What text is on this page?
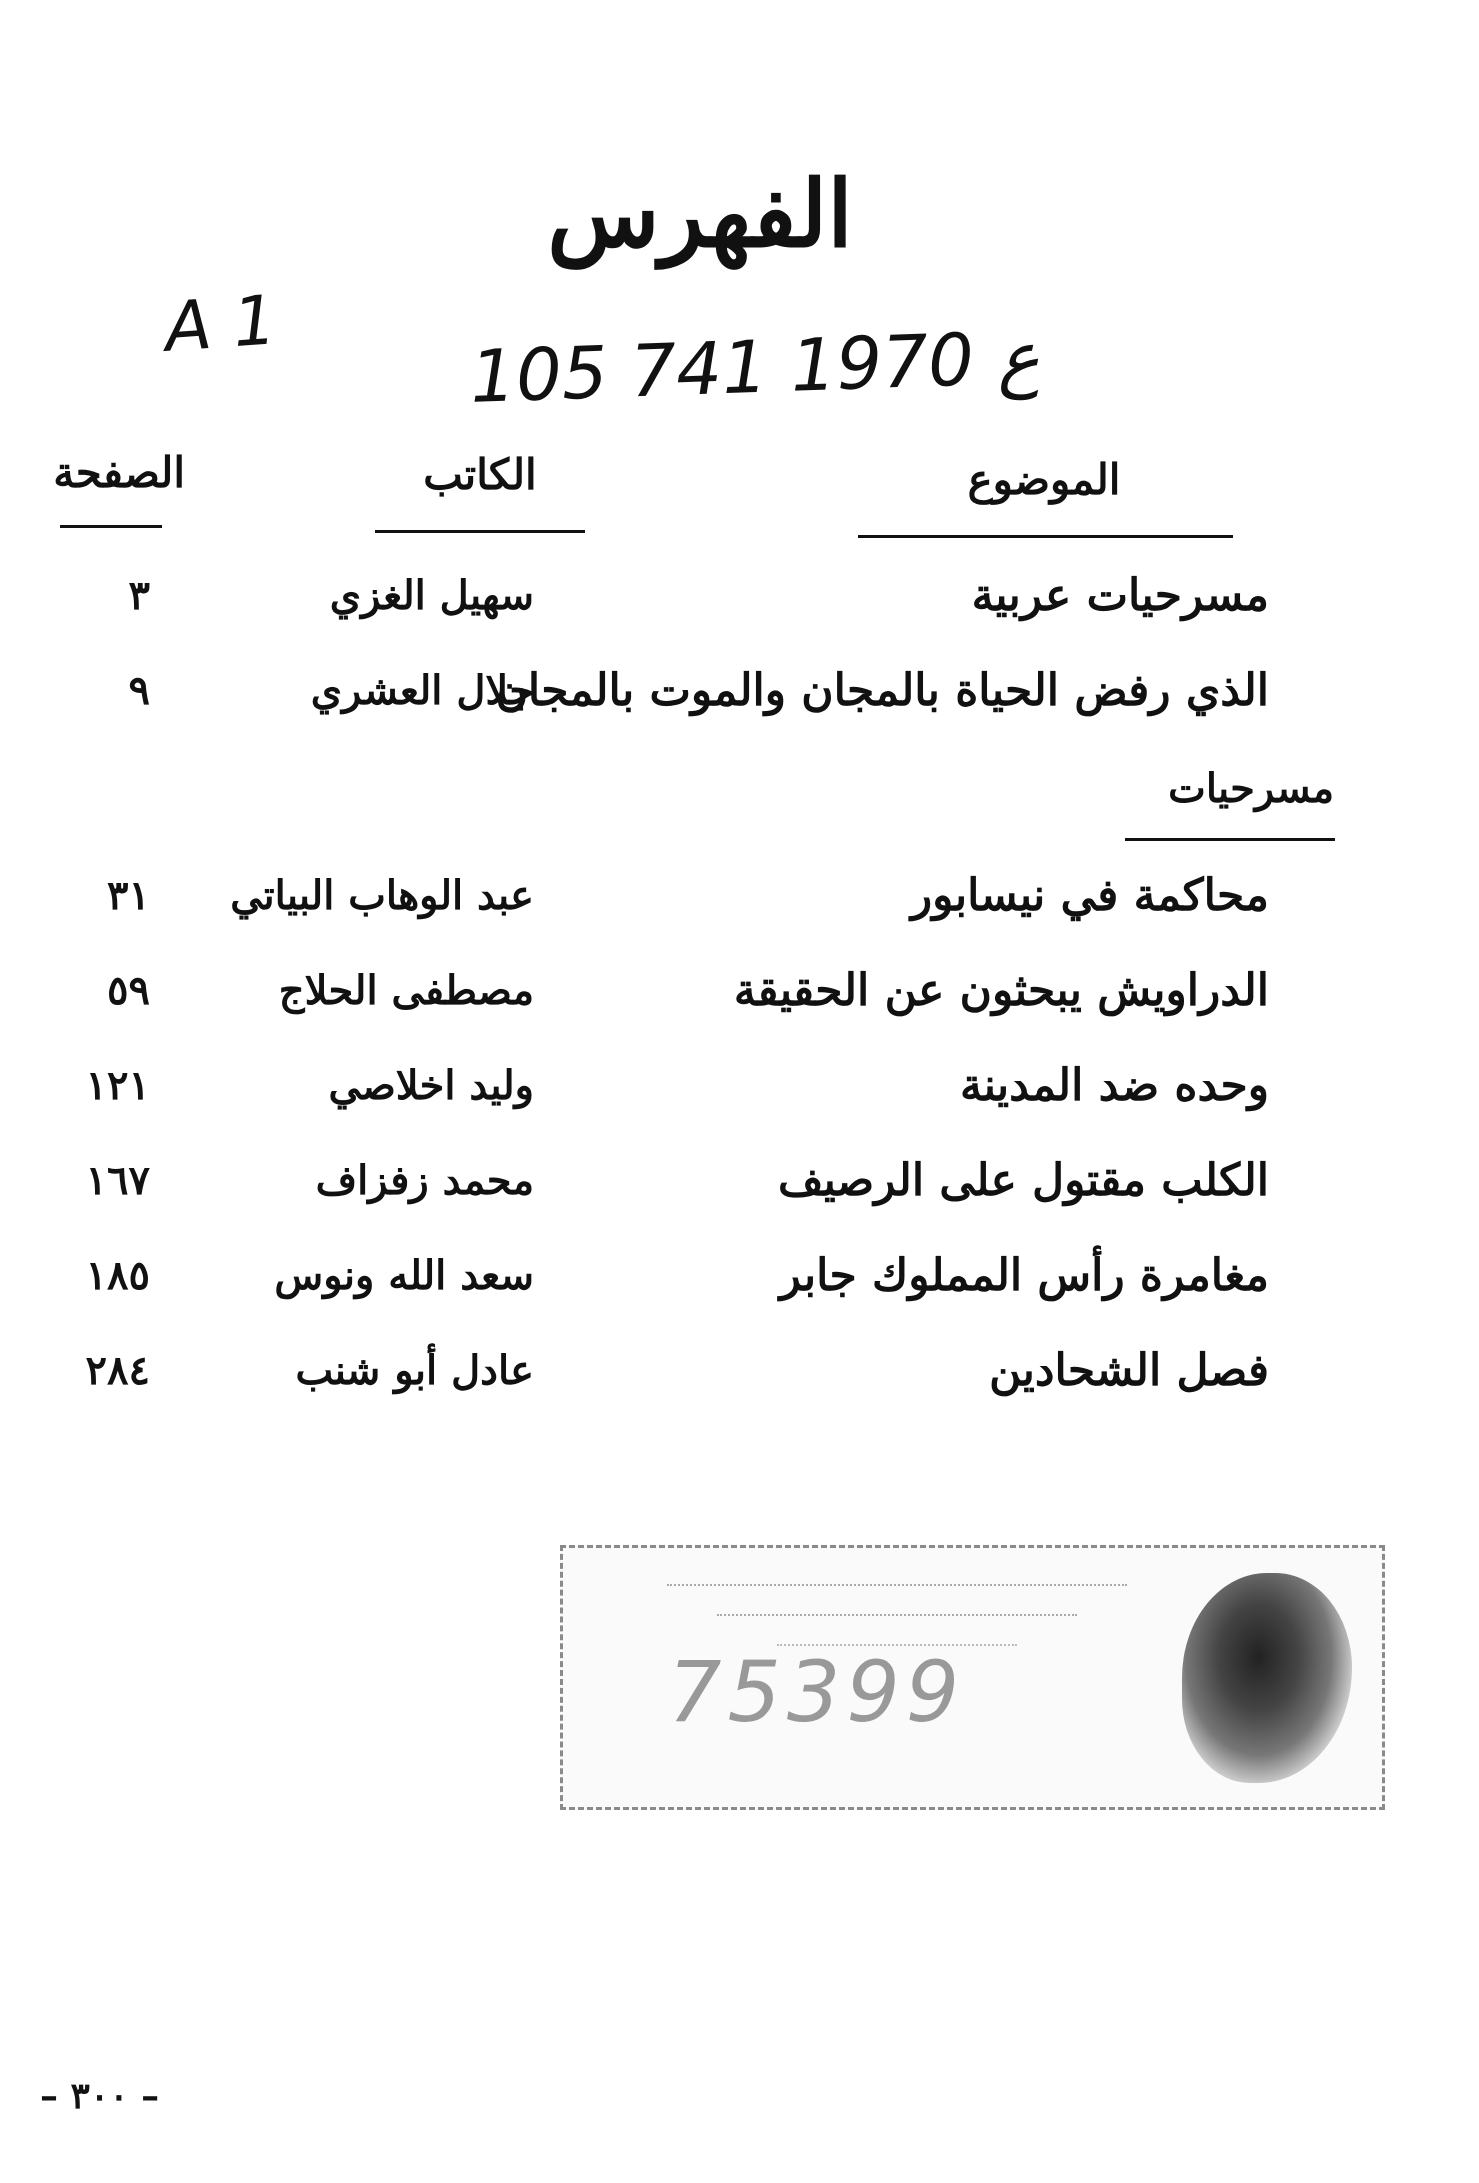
الفهرس
A 1
105 ع 1970 741
الموضوع
الكاتب
الصفحة
مسرحيات عربية
سهيل الغزي
٣
الذي رفض الحياة بالمجان والموت بالمجان
جلال العشري
٩
مسرحيات
محاكمة في نيسابور
عبد الوهاب البياتي
٣١
الدراويش يبحثون عن الحقيقة
مصطفى الحلاج
٥٩
وحده ضد المدينة
وليد اخلاصي
١٢١
الكلب مقتول على الرصيف
محمد زفزاف
١٦٧
مغامرة رأس المملوك جابر
سعد الله ونوس
١٨٥
فصل الشحادين
عادل أبو شنب
٢٨٤
75399
– ٣٠٠ –
